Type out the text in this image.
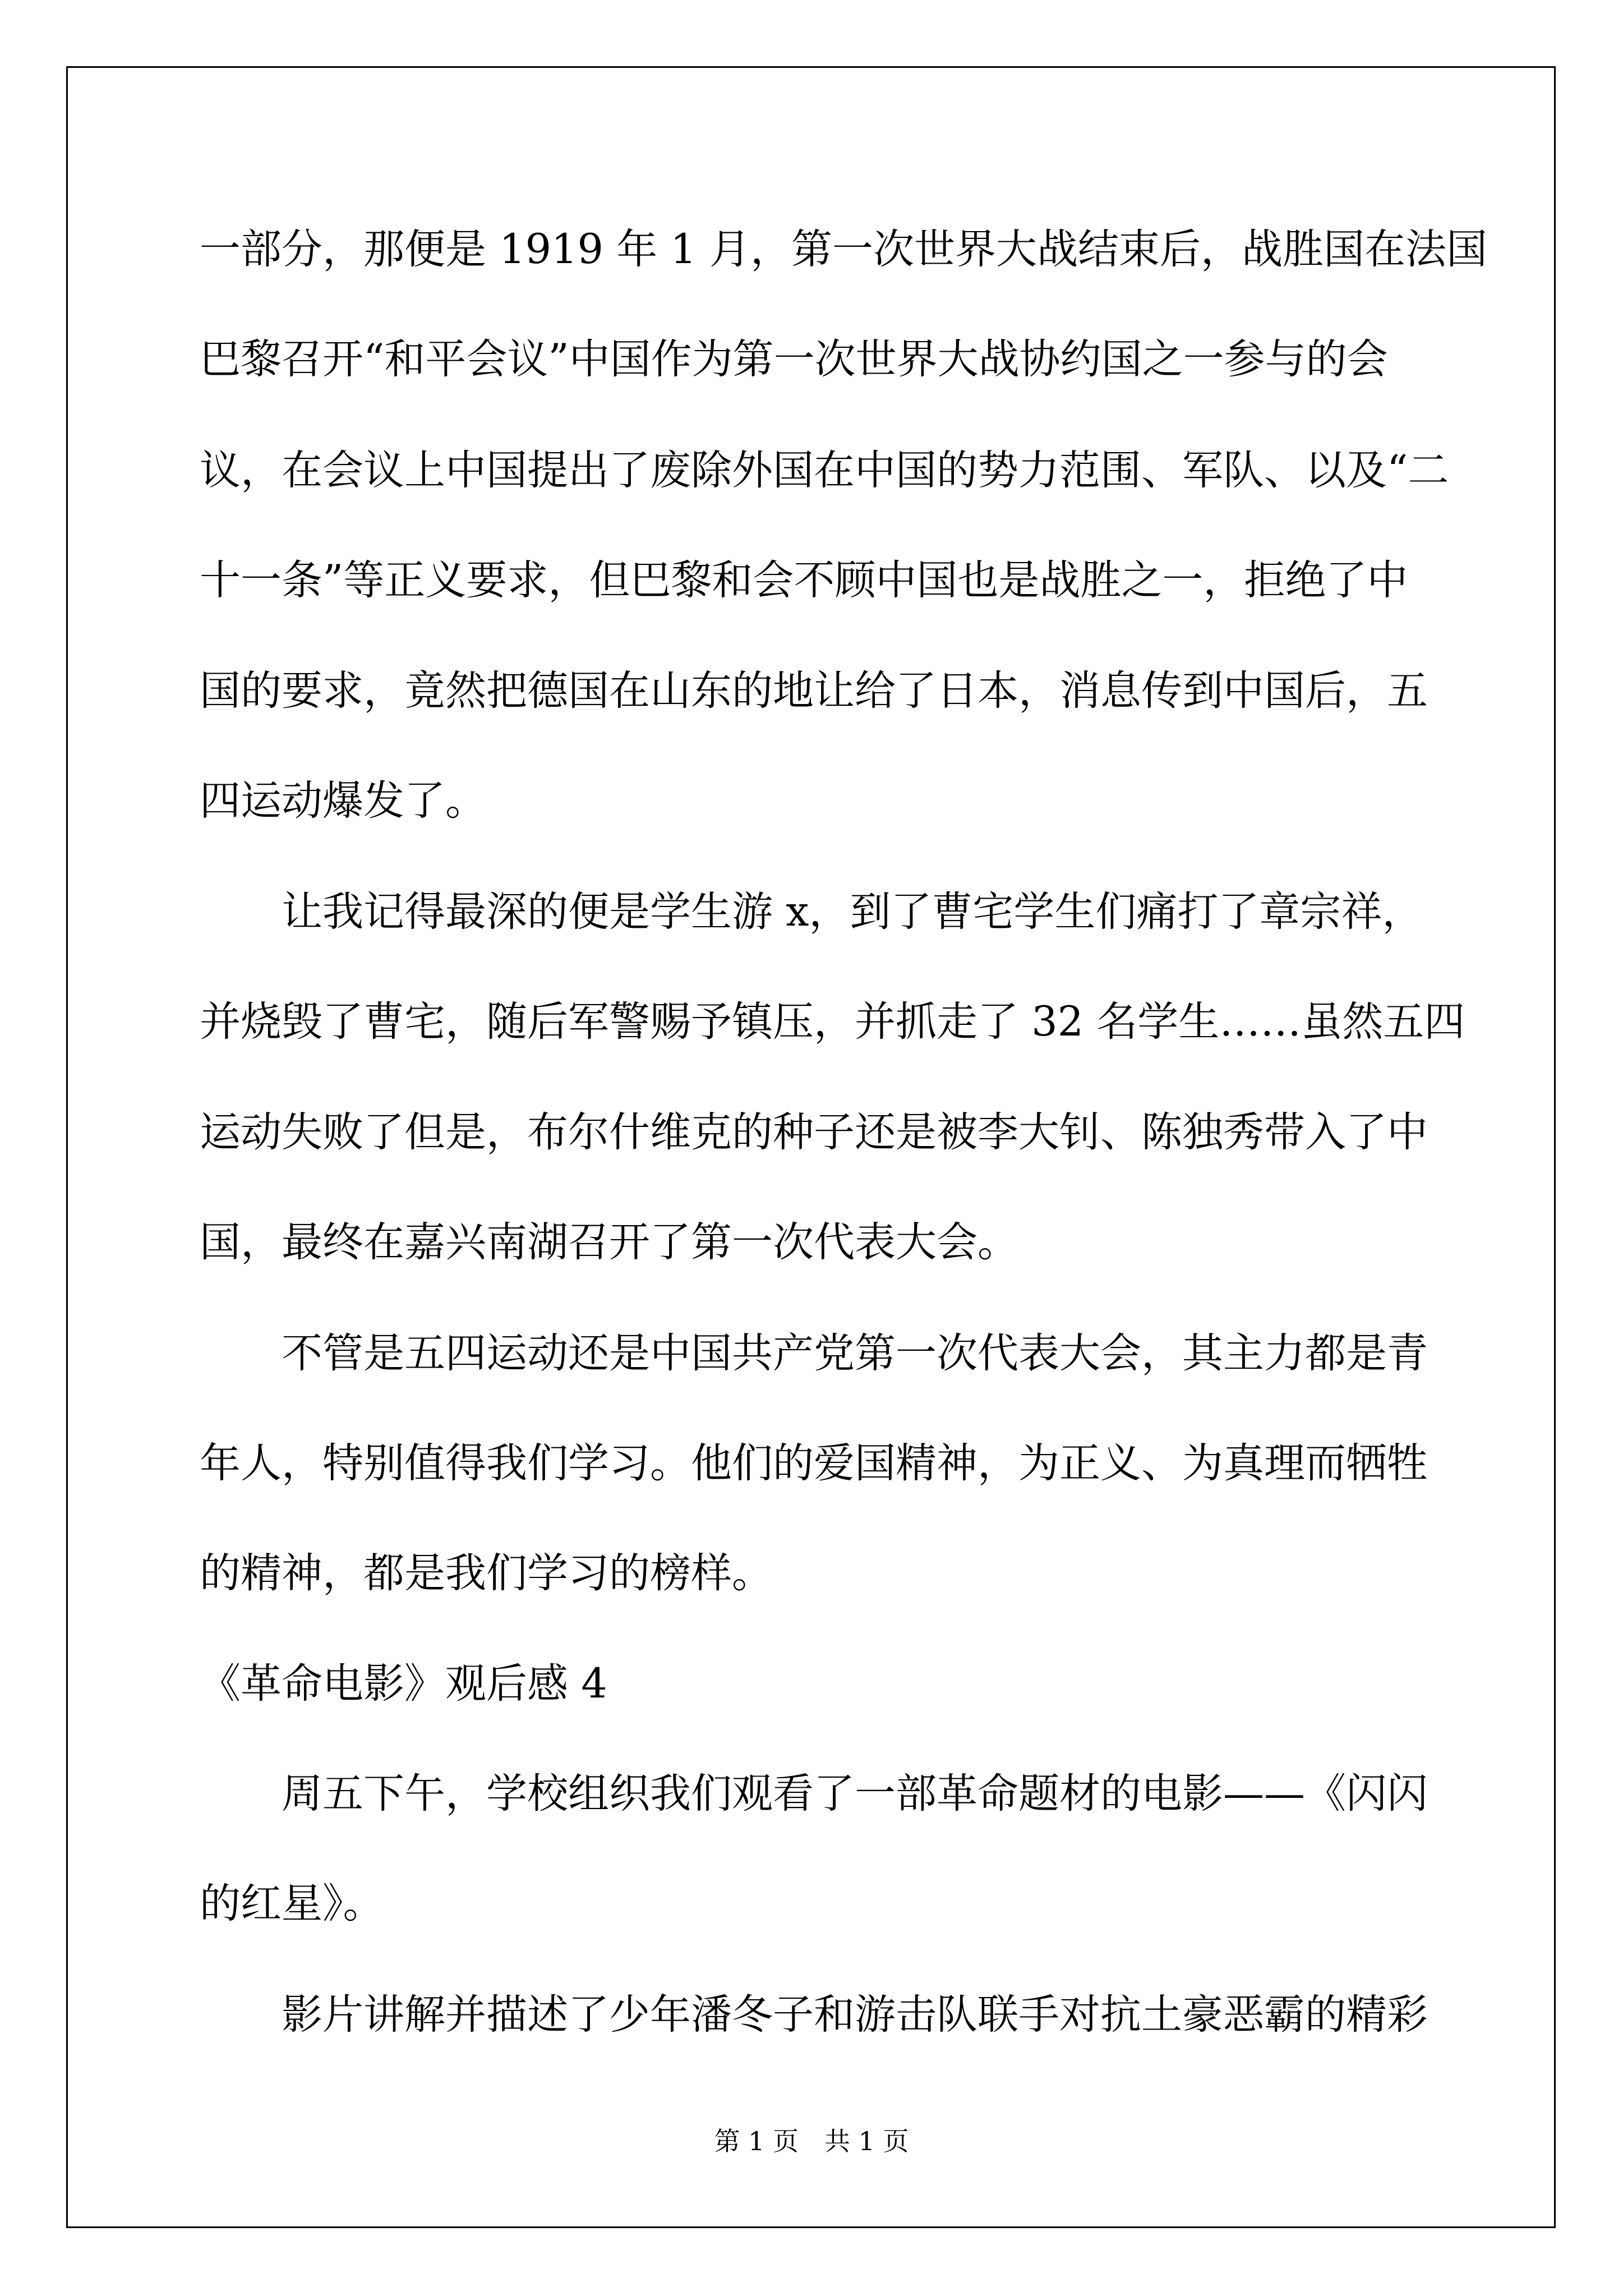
一部分，那便是 1919 年 1 月，第一次世界大战结束后，战胜国在法国
巴黎召开“和平会议”中国作为第一次世界大战协约国之一参与的会
议，在会议上中国提出了废除外国在中国的势力范围、军队、以及“二
十一条”等正义要求，但巴黎和会不顾中国也是战胜之一，拒绝了中
国的要求，竟然把德国在山东的地让给了日本，消息传到中国后，五
四运动爆发了。
　　让我记得最深的便是学生游 x，到了曹宅学生们痛打了章宗祥，
并烧毁了曹宅，随后军警赐予镇压，并抓走了 32 名学生……虽然五四
运动失败了但是，布尔什维克的种子还是被李大钊、陈独秀带入了中
国，最终在嘉兴南湖召开了第一次代表大会。
　　不管是五四运动还是中国共产党第一次代表大会，其主力都是青
年人，特别值得我们学习。他们的爱国精神，为正义、为真理而牺牲
的精神，都是我们学习的榜样。
《革命电影》观后感 4
　　周五下午，学校组织我们观看了一部革命题材的电影——《闪闪
的红星》。
　　影片讲解并描述了少年潘冬子和游击队联手对抗土豪恶霸的精彩
第 1 页　共 1 页
